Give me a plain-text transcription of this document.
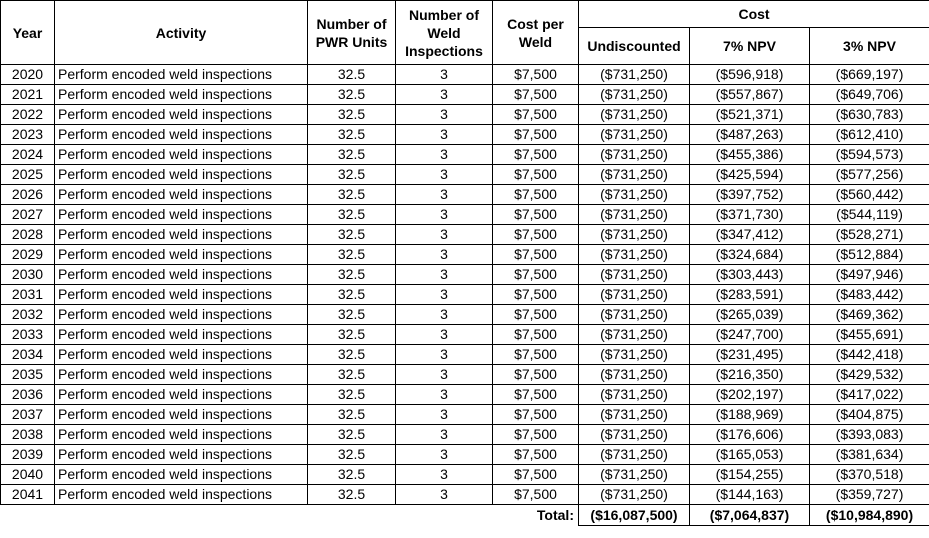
Year	Activity	Number of PWR Units	Number of Weld Inspections	Cost per Weld	Cost		
					Undiscounted	7% NPV	3% NPV
2020	Perform encoded weld inspections	32.5	3	$7,500	($731,250)	($596,918)	($669,197)
2021	Perform encoded weld inspections	32.5	3	$7,500	($731,250)	($557,867)	($649,706)
2022	Perform encoded weld inspections	32.5	3	$7,500	($731,250)	($521,371)	($630,783)
2023	Perform encoded weld inspections	32.5	3	$7,500	($731,250)	($487,263)	($612,410)
2024	Perform encoded weld inspections	32.5	3	$7,500	($731,250)	($455,386)	($594,573)
2025	Perform encoded weld inspections	32.5	3	$7,500	($731,250)	($425,594)	($577,256)
2026	Perform encoded weld inspections	32.5	3	$7,500	($731,250)	($397,752)	($560,442)
2027	Perform encoded weld inspections	32.5	3	$7,500	($731,250)	($371,730)	($544,119)
2028	Perform encoded weld inspections	32.5	3	$7,500	($731,250)	($347,412)	($528,271)
2029	Perform encoded weld inspections	32.5	3	$7,500	($731,250)	($324,684)	($512,884)
2030	Perform encoded weld inspections	32.5	3	$7,500	($731,250)	($303,443)	($497,946)
2031	Perform encoded weld inspections	32.5	3	$7,500	($731,250)	($283,591)	($483,442)
2032	Perform encoded weld inspections	32.5	3	$7,500	($731,250)	($265,039)	($469,362)
2033	Perform encoded weld inspections	32.5	3	$7,500	($731,250)	($247,700)	($455,691)
2034	Perform encoded weld inspections	32.5	3	$7,500	($731,250)	($231,495)	($442,418)
2035	Perform encoded weld inspections	32.5	3	$7,500	($731,250)	($216,350)	($429,532)
2036	Perform encoded weld inspections	32.5	3	$7,500	($731,250)	($202,197)	($417,022)
2037	Perform encoded weld inspections	32.5	3	$7,500	($731,250)	($188,969)	($404,875)
2038	Perform encoded weld inspections	32.5	3	$7,500	($731,250)	($176,606)	($393,083)
2039	Perform encoded weld inspections	32.5	3	$7,500	($731,250)	($165,053)	($381,634)
2040	Perform encoded weld inspections	32.5	3	$7,500	($731,250)	($154,255)	($370,518)
2041	Perform encoded weld inspections	32.5	3	$7,500	($731,250)	($144,163)	($359,727)
Total:					($16,087,500)	($7,064,837)	($10,984,890)
